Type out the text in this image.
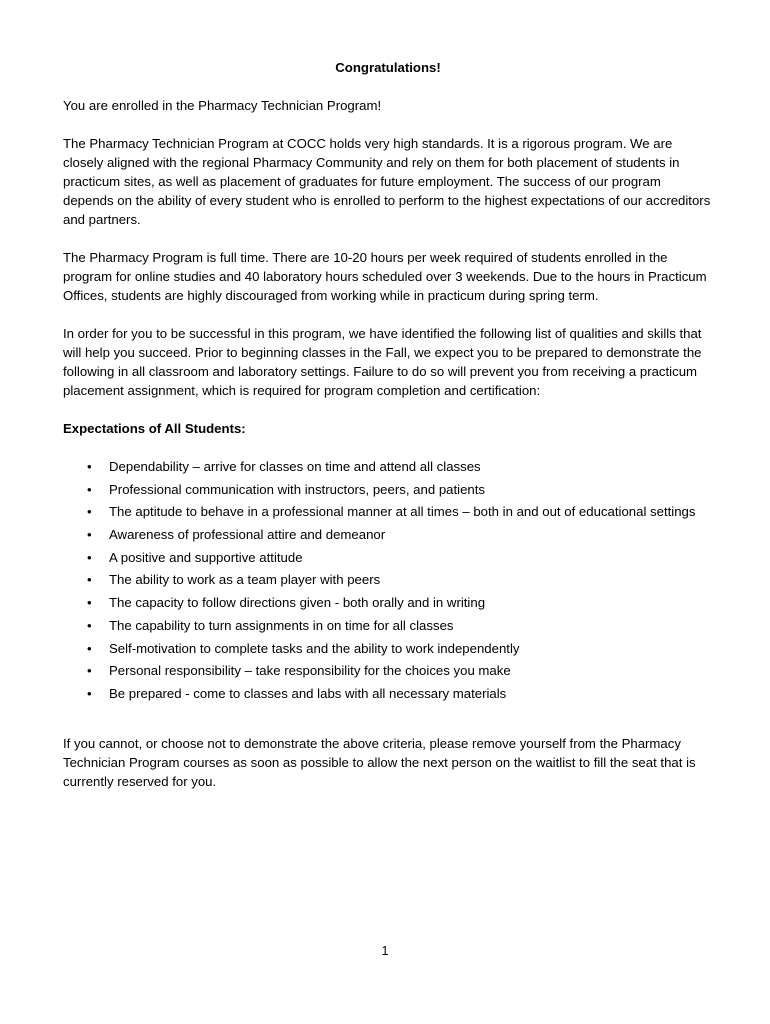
Congratulations!

You are enrolled in the Pharmacy Technician Program!

The Pharmacy Technician Program at COCC holds very high standards. It is a rigorous program. We are closely aligned with the regional Pharmacy Community and rely on them for both placement of students in practicum sites, as well as placement of graduates for future employment. The success of our program depends on the ability of every student who is enrolled to perform to the highest expectations of our accreditors and partners.

The Pharmacy Program is full time. There are 10-20 hours per week required of students enrolled in the program for online studies and 40 laboratory hours scheduled over 3 weekends. Due to the hours in Practicum Offices, students are highly discouraged from working while in practicum during spring term.

In order for you to be successful in this program, we have identified the following list of qualities and skills that will help you succeed. Prior to beginning classes in the Fall, we expect you to be prepared to demonstrate the following in all classroom and laboratory settings. Failure to do so will prevent you from receiving a practicum placement assignment, which is required for program completion and certification:

Expectations of All Students:
• Dependability – arrive for classes on time and attend all classes
• Professional communication with instructors, peers, and patients
• The aptitude to behave in a professional manner at all times – both in and out of educational settings
• Awareness of professional attire and demeanor
• A positive and supportive attitude
• The ability to work as a team player with peers
• The capacity to follow directions given - both orally and in writing
• The capability to turn assignments in on time for all classes
• Self-motivation to complete tasks and the ability to work independently
• Personal responsibility – take responsibility for the choices you make
• Be prepared - come to classes and labs with all necessary materials

If you cannot, or choose not to demonstrate the above criteria, please remove yourself from the Pharmacy Technician Program courses as soon as possible to allow the next person on the waitlist to fill the seat that is currently reserved for you.

1
